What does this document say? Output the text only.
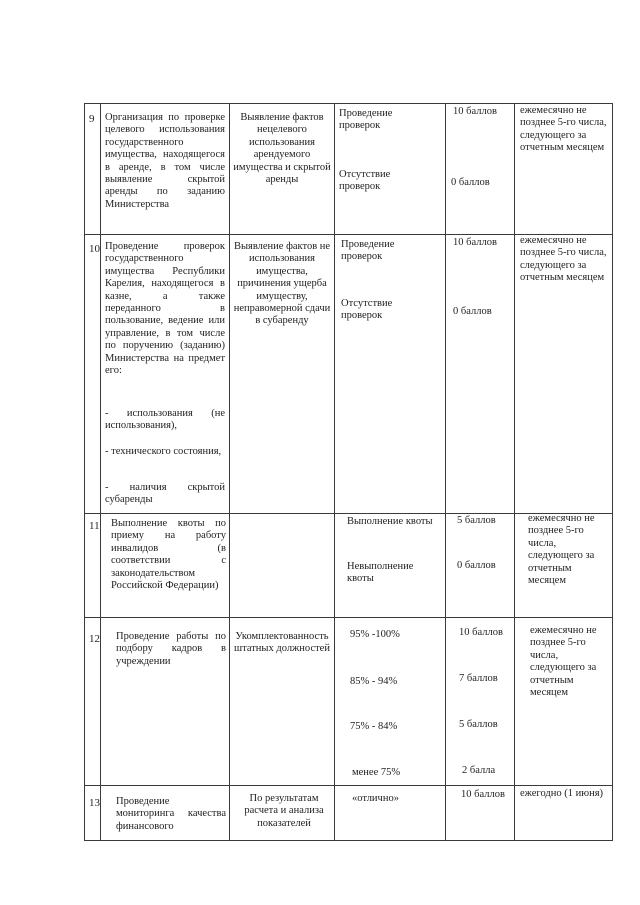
9 Организация по проверке целевого использования государственного имущества, находящегося в аренде, в том числе выявление скрытой аренды по заданию Министерства
Выявление фактов нецелевого использования арендуемого имущества и скрытой аренды
Проведение проверок
Отсутствие проверок
10 баллов
0 баллов
ежемесячно не позднее 5-го числа, следующего за отчетным месяцем
10 Проведение проверок государственного имущества Республики Карелия, находящегося в казне, а также переданного в пользование, ведение или управление, в том числе по поручению (заданию) Министерства на предмет его:
- использования (не использования),
- технического состояния,
- наличия скрытой субаренды
Выявление фактов не использования имущества, причинения ущерба имуществу, неправомерной сдачи в субаренду
Проведение проверок
Отсутствие проверок
10 баллов
0 баллов
ежемесячно не позднее 5-го числа, следующего за отчетным месяцем
11 Выполнение квоты по приему на работу инвалидов (в соответствии с законодательством Российской Федерации)
Выполнение квоты
Невыполнение квоты
5 баллов
0 баллов
ежемесячно не позднее 5-го числа, следующего за отчетным месяцем
12 Проведение работы по подбору кадров в учреждении
Укомплектованность штатных должностей
95% -100%
85% - 94%
75% - 84%
менее 75%
10 баллов
7 баллов
5 баллов
2 балла
ежемесячно не позднее 5-го числа, следующего за отчетным месяцем
13 Проведение мониторинга качества финансового
По результатам расчета и анализа показателей
«отлично»	10 баллов ежегодно (1 июня)
